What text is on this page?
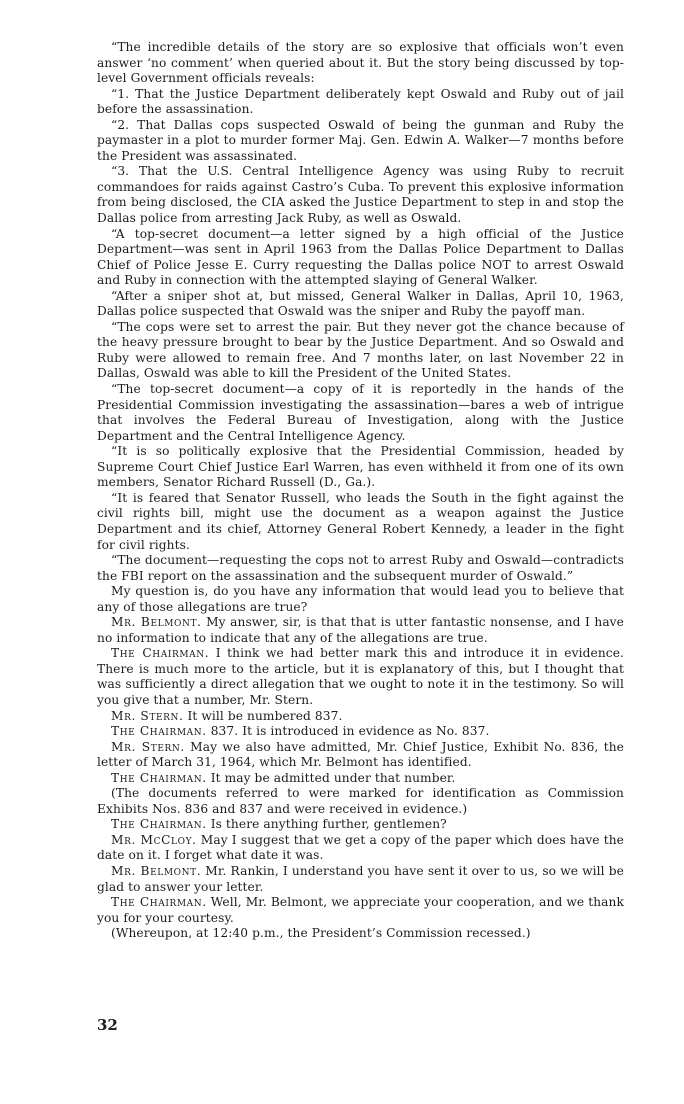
“The incredible details of the story are so explosive that officials won’t even answer ‘no comment’ when queried about it. But the story being discussed by top-level Government officials reveals:

“1. That the Justice Department deliberately kept Oswald and Ruby out of jail before the assassination.

“2. That Dallas cops suspected Oswald of being the gunman and Ruby the paymaster in a plot to murder former Maj. Gen. Edwin A. Walker—7 months before the President was assassinated.

“3. That the U.S. Central Intelligence Agency was using Ruby to recruit commandoes for raids against Castro’s Cuba. To prevent this explosive information from being disclosed, the CIA asked the Justice Department to step in and stop the Dallas police from arresting Jack Ruby, as well as Oswald.

“A top-secret document—a letter signed by a high official of the Justice Department—was sent in April 1963 from the Dallas Police Department to Dallas Chief of Police Jesse E. Curry requesting the Dallas police NOT to arrest Oswald and Ruby in connection with the attempted slaying of General Walker.

“After a sniper shot at, but missed, General Walker in Dallas, April 10, 1963, Dallas police suspected that Oswald was the sniper and Ruby the payoff man.

“The cops were set to arrest the pair. But they never got the chance because of the heavy pressure brought to bear by the Justice Department. And so Oswald and Ruby were allowed to remain free. And 7 months later, on last November 22 in Dallas, Oswald was able to kill the President of the United States.

“The top-secret document—a copy of it is reportedly in the hands of the Presidential Commission investigating the assassination—bares a web of intrigue that involves the Federal Bureau of Investigation, along with the Justice Department and the Central Intelligence Agency.

“It is so politically explosive that the Presidential Commission, headed by Supreme Court Chief Justice Earl Warren, has even withheld it from one of its own members, Senator Richard Russell (D., Ga.).

“It is feared that Senator Russell, who leads the South in the fight against the civil rights bill, might use the document as a weapon against the Justice Department and its chief, Attorney General Robert Kennedy, a leader in the fight for civil rights.

“The document—requesting the cops not to arrest Ruby and Oswald—contradicts the FBI report on the assassination and the subsequent murder of Oswald.”

My question is, do you have any information that would lead you to believe that any of those allegations are true?

Mr. Belmont. My answer, sir, is that that is utter fantastic nonsense, and I have no information to indicate that any of the allegations are true.

The Chairman. I think we had better mark this and introduce it in evidence. There is much more to the article, but it is explanatory of this, but I thought that was sufficiently a direct allegation that we ought to note it in the testimony. So will you give that a number, Mr. Stern.

Mr. Stern. It will be numbered 837.

The Chairman. 837. It is introduced in evidence as No. 837.

Mr. Stern. May we also have admitted, Mr. Chief Justice, Exhibit No. 836, the letter of March 31, 1964, which Mr. Belmont has identified.

The Chairman. It may be admitted under that number.

(The documents referred to were marked for identification as Commission Exhibits Nos. 836 and 837 and were received in evidence.)

The Chairman. Is there anything further, gentlemen?

Mr. McCloy. May I suggest that we get a copy of the paper which does have the date on it. I forget what date it was.

Mr. Belmont. Mr. Rankin, I understand you have sent it over to us, so we will be glad to answer your letter.

The Chairman. Well, Mr. Belmont, we appreciate your cooperation, and we thank you for your courtesy.

(Whereupon, at 12:40 p.m., the President’s Commission recessed.)

32
